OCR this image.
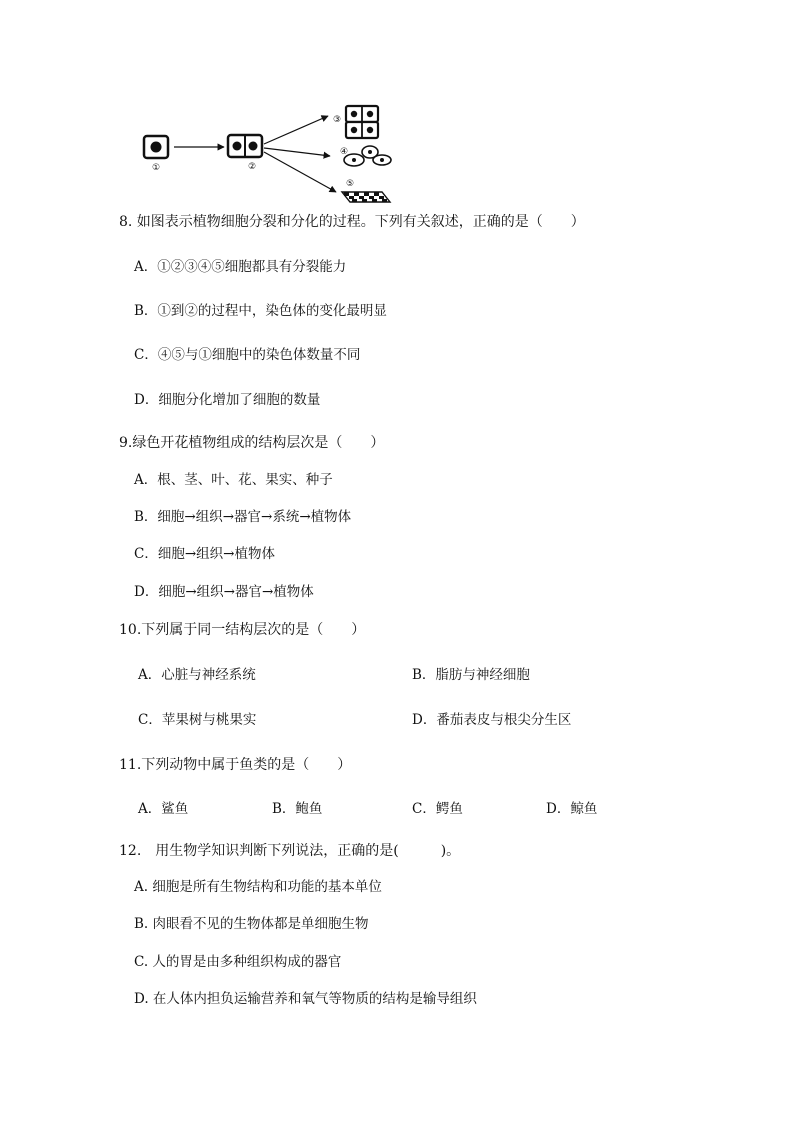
①	②
③
④
⑤
8. 如图表示植物细胞分裂和分化的过程。下列有关叙述，正确的是（　　）
A．①②③④⑤细胞都具有分裂能力
B．①到②的过程中，染色体的变化最明显
C．④⑤与①细胞中的染色体数量不同
D．细胞分化增加了细胞的数量
9.绿色开花植物组成的结构层次是（　　）
A．根、茎、叶、花、果实、种子
B．细胞→组织→器官→系统→植物体
C．细胞→组织→植物体
D．细胞→组织→器官→植物体
10.下列属于同一结构层次的是（　　）
A．心脏与神经系统	B．脂肪与神经细胞
C．苹果树与桃果实	D．番茄表皮与根尖分生区
11.下列动物中属于鱼类的是（　　）
A．鲨鱼	B．鲍鱼	C．鳄鱼	D．鲸鱼
12.　用生物学知识判断下列说法，正确的是(　　　)。
A. 细胞是所有生物结构和功能的基本单位
B. 肉眼看不见的生物体都是单细胞生物
C. 人的胃是由多种组织构成的器官
D. 在人体内担负运输营养和氧气等物质的结构是输导组织
